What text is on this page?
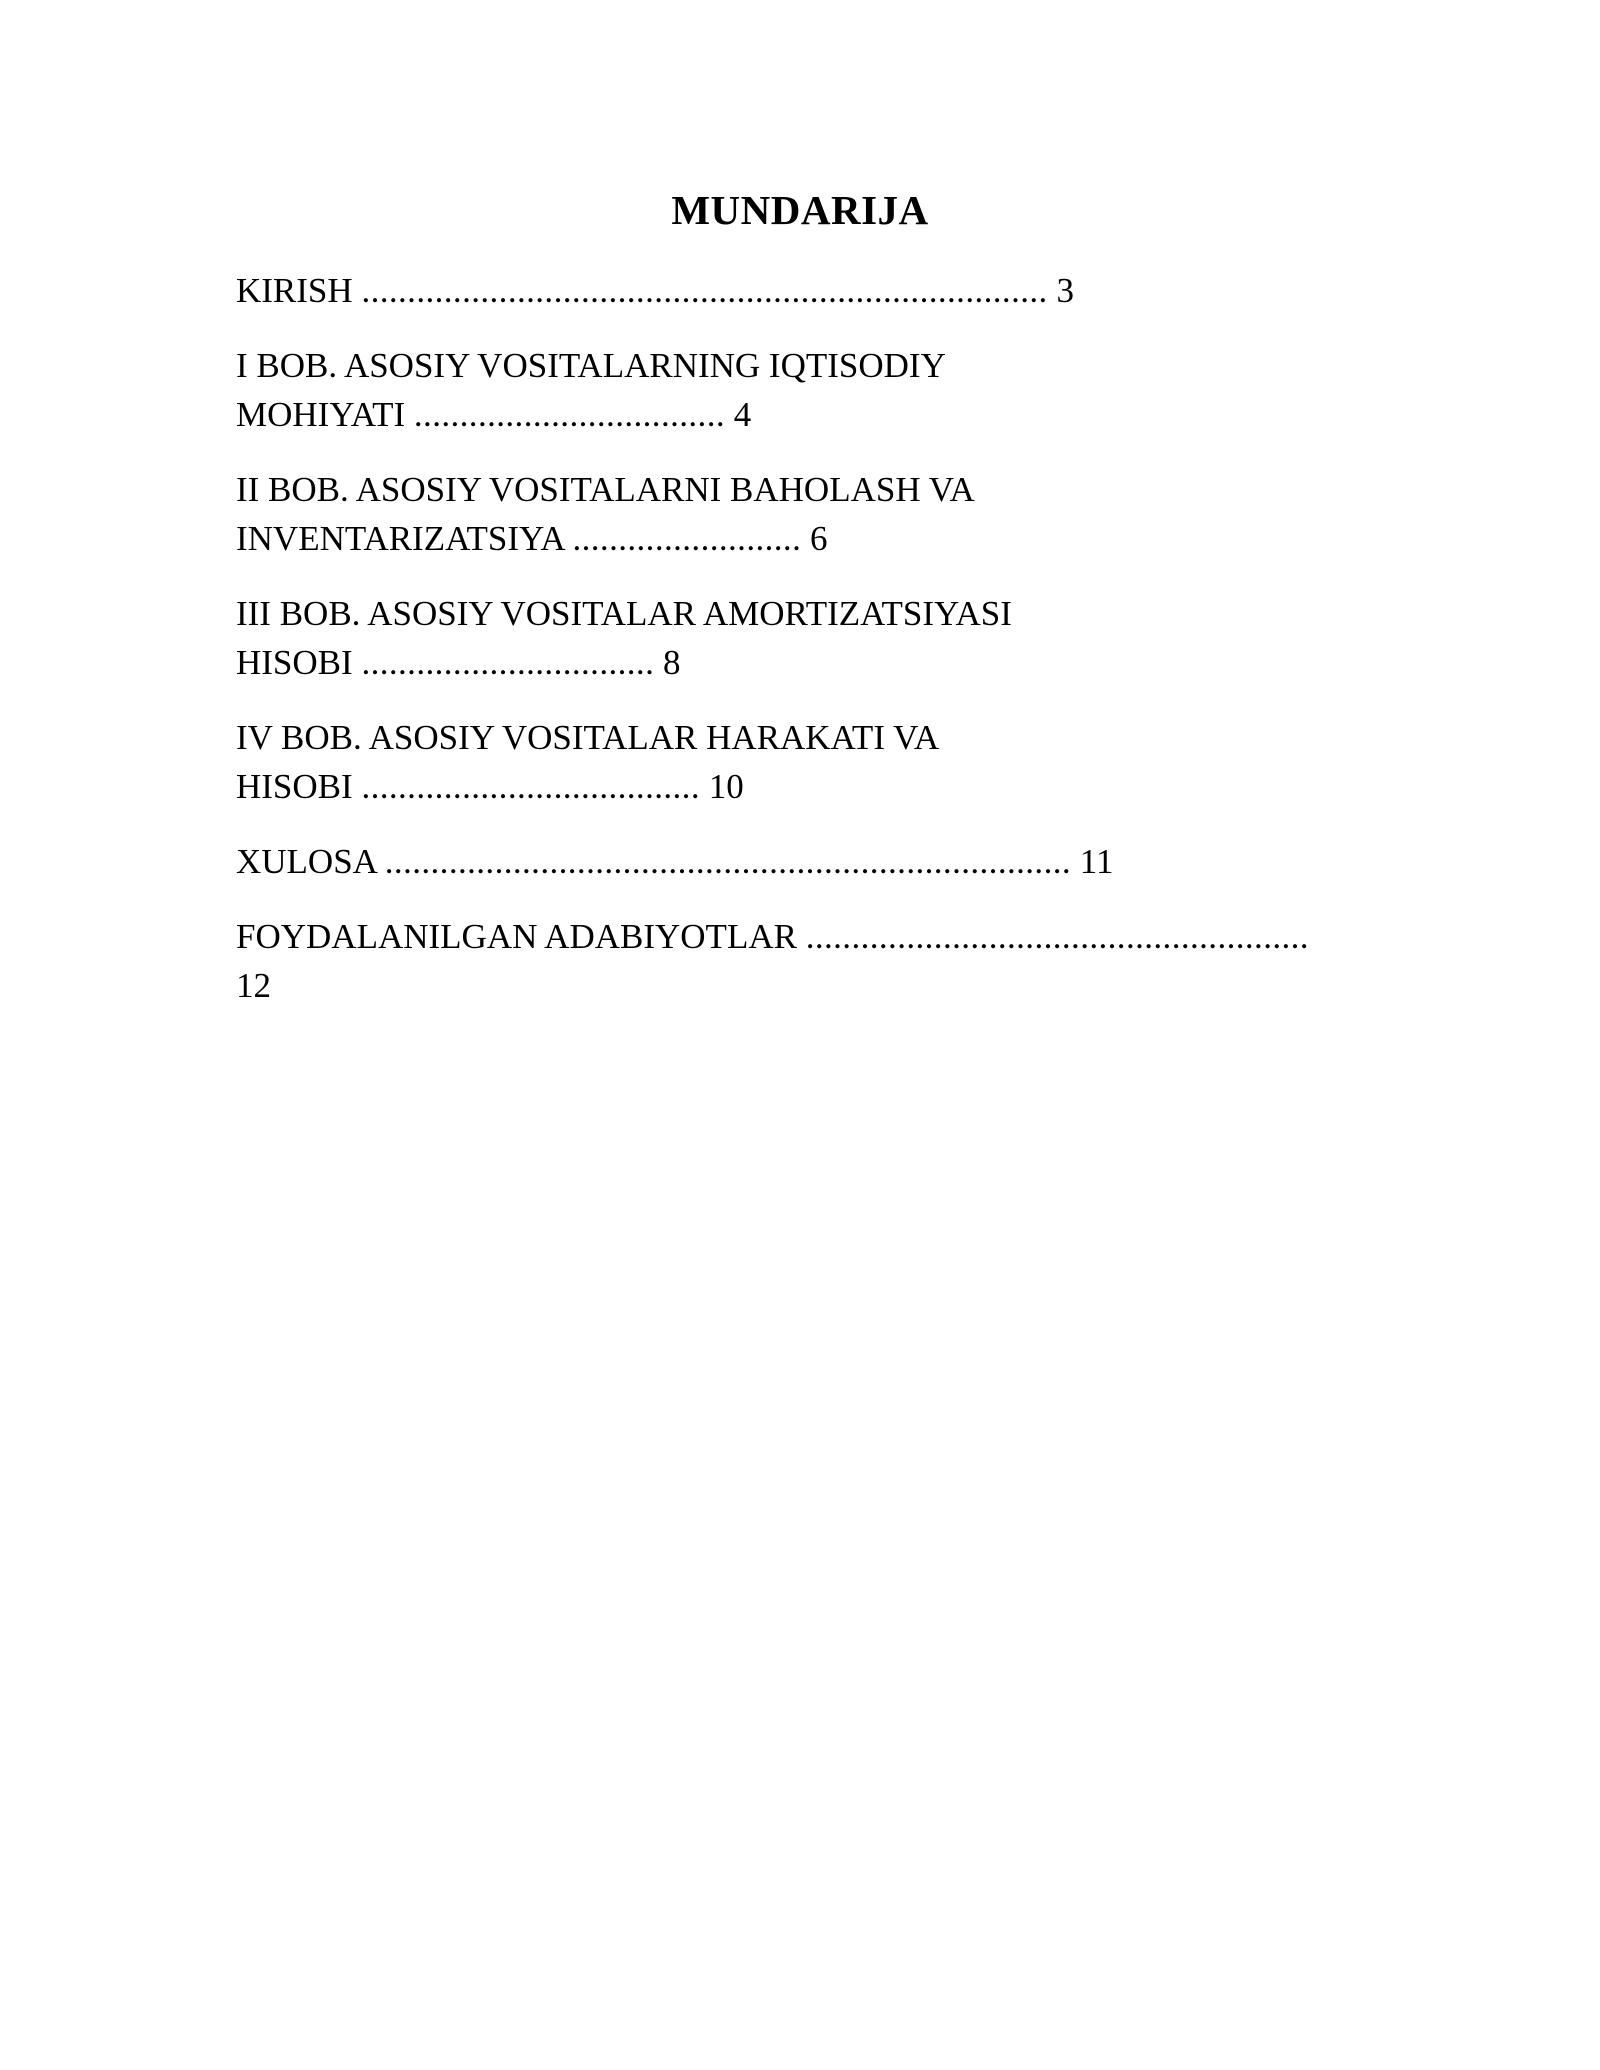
MUNDARIJA
KIRISH ........................................................................... 3
I BOB. ASOSIY VOSITALARNING IQTISODIY
MOHIYATI .................................. 4
II BOB. ASOSIY VOSITALARNI BAHOLASH VA
INVENTARIZATSIYA ......................... 6
III BOB. ASOSIY VOSITALAR AMORTIZATSIYASI
HISOBI ................................ 8
IV BOB. ASOSIY VOSITALAR HARAKATI VA
HISOBI ..................................... 10
XULOSA ........................................................................... 11
FOYDALANILGAN ADABIYOTLAR .......................................................
12
